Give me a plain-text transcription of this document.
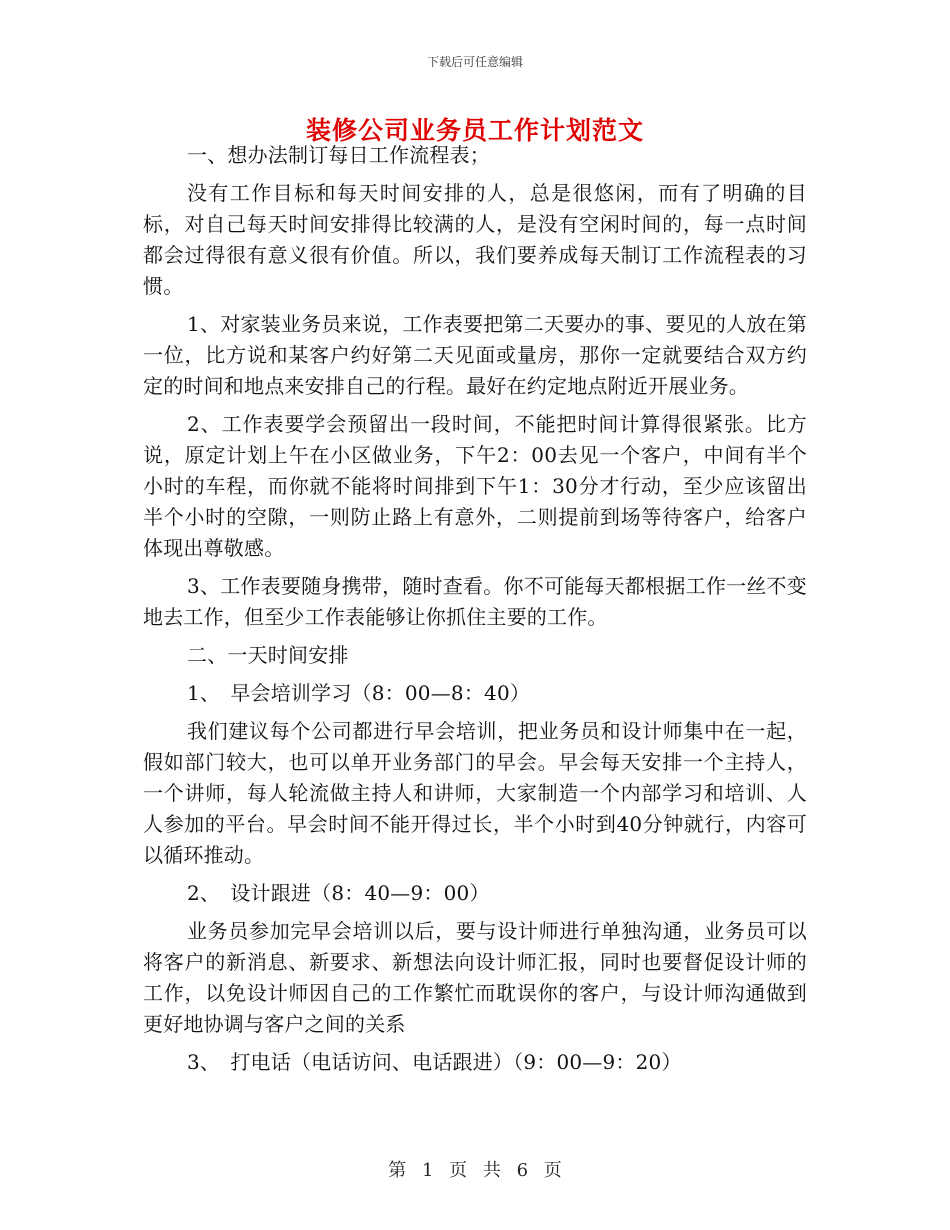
下载后可任意编辑
装修公司业务员工作计划范文

一、想办法制订每日工作流程表；

没有工作目标和每天时间安排的人，总是很悠闲，而有了明确的目标，对自己每天时间安排得比较满的人，是没有空闲时间的，每一点时间都会过得很有意义很有价值。所以，我们要养成每天制订工作流程表的习惯。

1、对家装业务员来说，工作表要把第二天要办的事、要见的人放在第一位，比方说和某客户约好第二天见面或量房，那你一定就要结合双方约定的时间和地点来安排自己的行程。最好在约定地点附近开展业务。

2、工作表要学会预留出一段时间，不能把时间计算得很紧张。比方说，原定计划上午在小区做业务，下午2：00去见一个客户，中间有半个小时的车程，而你就不能将时间排到下午1：30分才行动，至少应该留出半个小时的空隙，一则防止路上有意外，二则提前到场等待客户，给客户体现出尊敬感。

3、工作表要随身携带，随时查看。你不可能每天都根据工作一丝不变地去工作，但至少工作表能够让你抓住主要的工作。

二、一天时间安排

1、　早会培训学习（8：00—8：40）

我们建议每个公司都进行早会培训，把业务员和设计师集中在一起，假如部门较大，也可以单开业务部门的早会。早会每天安排一个主持人，一个讲师，每人轮流做主持人和讲师，大家制造一个内部学习和培训、人人参加的平台。早会时间不能开得过长，半个小时到40分钟就行，内容可以循环推动。

2、　设计跟进（8：40—9：00）

业务员参加完早会培训以后，要与设计师进行单独沟通，业务员可以将客户的新消息、新要求、新想法向设计师汇报，同时也要督促设计师的工作，以免设计师因自己的工作繁忙而耽误你的客户，与设计师沟通做到更好地协调与客户之间的关系

3、　打电话（电话访问、电话跟进）（9：00—9：20）

第 1 页 共 6 页
